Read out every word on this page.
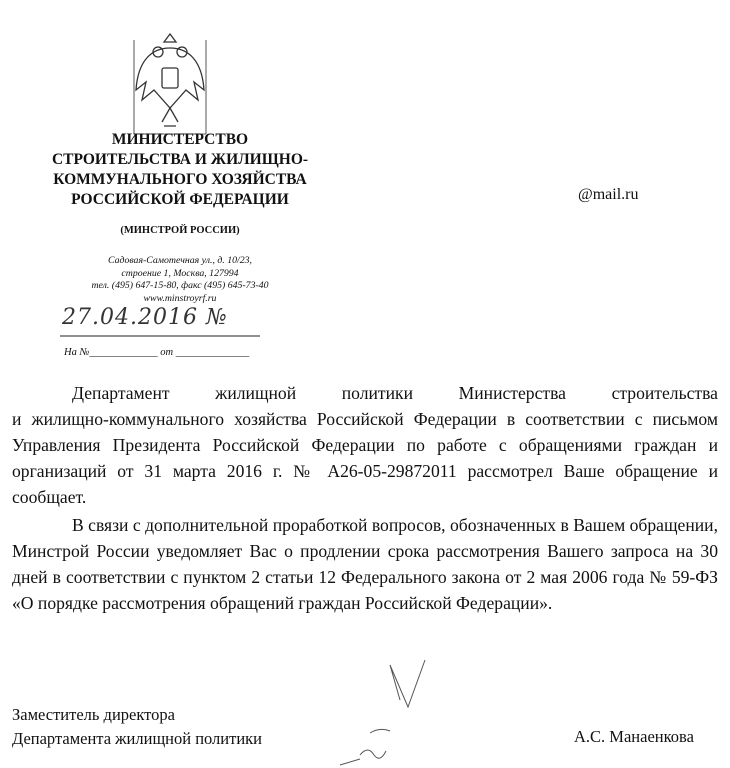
МИНИСТЕРСТВО
СТРОИТЕЛЬСТВА И ЖИЛИЩНО-
КОММУНАЛЬНОГО ХОЗЯЙСТВА
РОССИЙСКОЙ ФЕДЕРАЦИИ
(МИНСТРОЙ РОССИИ)
Садовая-Самотечная ул., д. 10/23,
строение 1, Москва, 127994
тел. (495) 647-15-80, факс (495) 645-73-40
www.minstroyrf.ru
27.04.2016 №
На №_____________ от ______________
@mail.ru

Департамент жилищной политики Министерства строительства

и жилищно-коммунального хозяйства Российской Федерации в соответствии с письмом Управления Президента Российской Федерации по работе с обращениями граждан и организаций от 31 марта 2016 г. № А26-05-29872011 рассмотрел Ваше обращение и сообщает.

В связи с дополнительной проработкой вопросов, обозначенных в Вашем обращении, Минстрой России уведомляет Вас о продлении срока рассмотрения Вашего запроса на 30 дней в соответствии с пунктом 2 статьи 12 Федерального закона от 2 мая 2006 года № 59-ФЗ «О порядке рассмотрения обращений граждан Российской Федерации».

Заместитель директора
Департамента жилищной политики	А.С. Манаенкова
